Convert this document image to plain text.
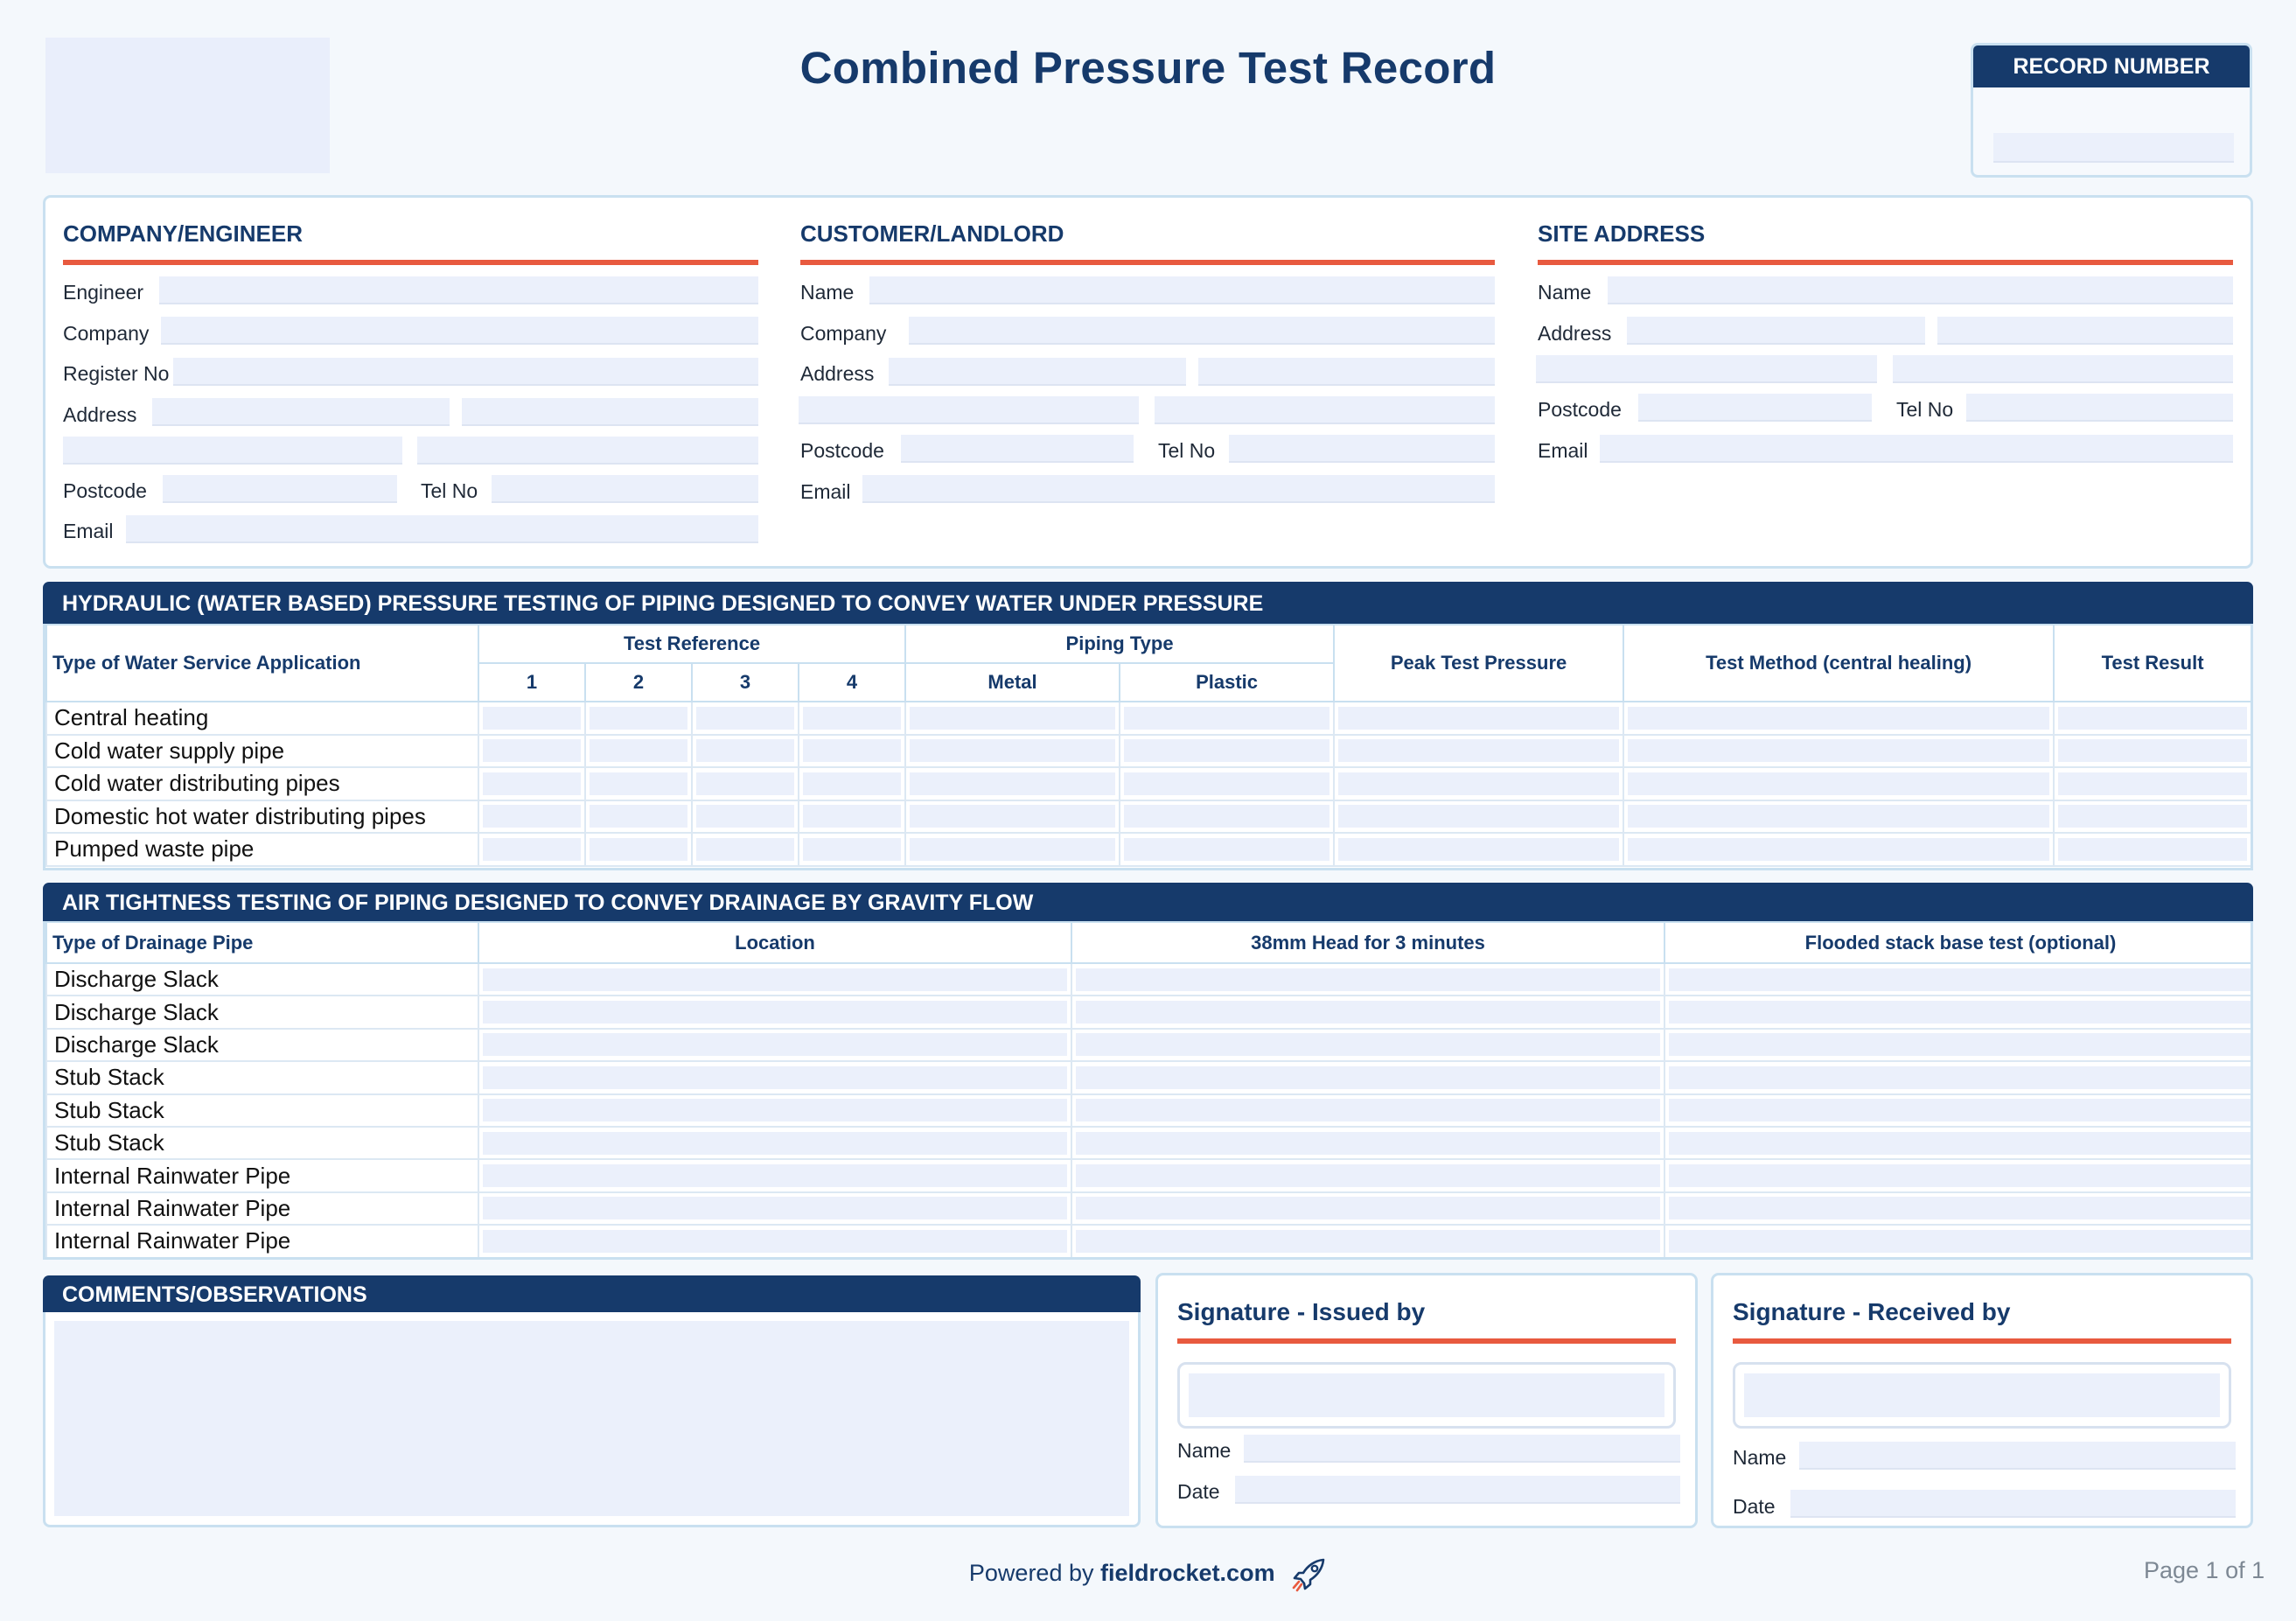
Combined Pressure Test Record	RECORD NUMBER
COMPANY/ENGINEER
Engineer
Company
Register No
Address
Postcode	Tel No
Email
CUSTOMER/LANDLORD
Name
Company
Address
Postcode	Tel No
Email
SITE ADDRESS
Name
Address
Postcode	Tel No
Email
HYDRAULIC (WATER BASED) PRESSURE TESTING OF PIPING DESIGNED TO CONVEY WATER UNDER PRESSURE
Type of Water Service Application	Test Reference				Piping Type		Peak Test Pressure	Test Method (central healing)	Test Result
	1	2	3	4	Metal	Plastic			
Central heating	

Cold water supply pipe	

Cold water distributing pipes	

Domestic hot water distributing pipes	

Pumped waste pipe	

AIR TIGHTNESS TESTING OF PIPING DESIGNED TO CONVEY DRAINAGE BY GRAVITY FLOW
Type of Drainage Pipe	Location	38mm Head for 3 minutes	Flooded stack base test (optional)
Discharge Slack	

Discharge Slack	

Discharge Slack	

Stub Stack	

Stub Stack	

Stub Stack	

Internal Rainwater Pipe	

Internal Rainwater Pipe	

Internal Rainwater Pipe	

COMMENTS/OBSERVATIONS
Signature - Issued by
Name
Date
Signature - Received by
Name
Date
Powered by fieldrocket.com	Page 1 of 1
